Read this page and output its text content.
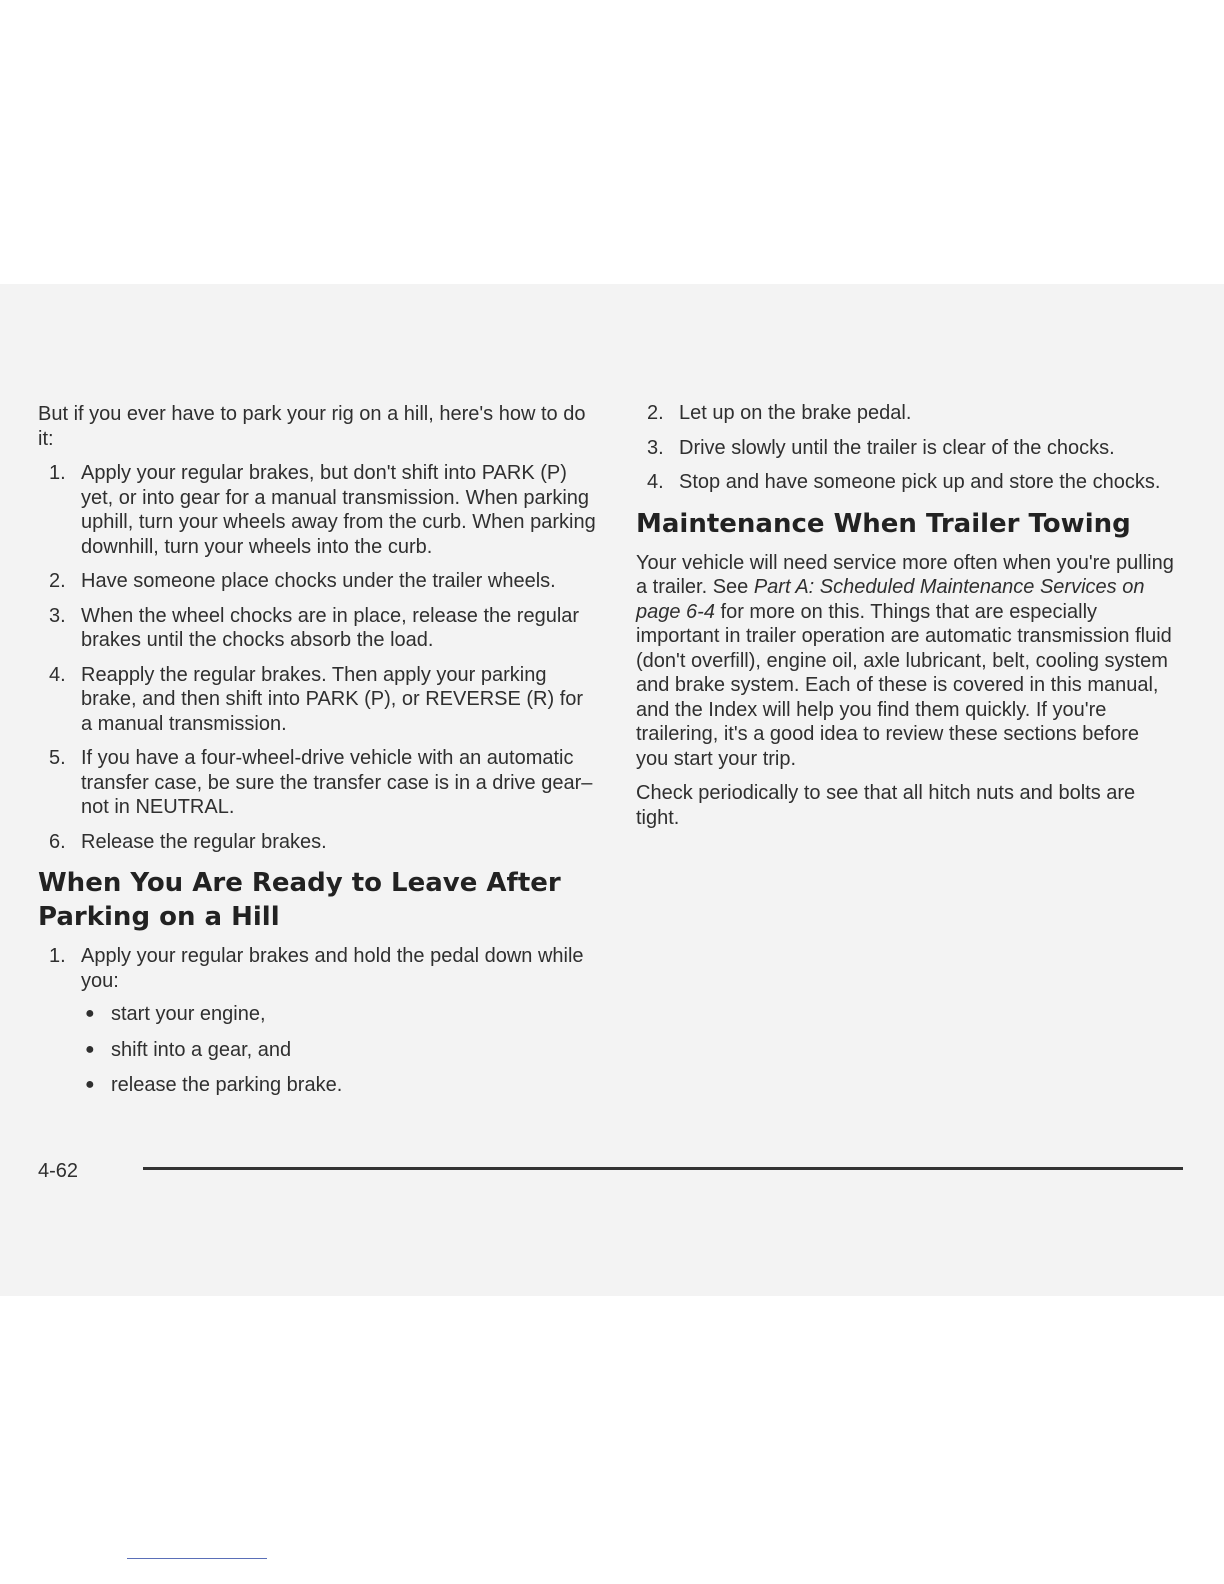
But if you ever have to park your rig on a hill, here's how to do it:

1. Apply your regular brakes, but don't shift into PARK (P) yet, or into gear for a manual transmission. When parking uphill, turn your wheels away from the curb. When parking downhill, turn your wheels into the curb.
2. Have someone place chocks under the trailer wheels.
3. When the wheel chocks are in place, release the regular brakes until the chocks absorb the load.
4. Reapply the regular brakes. Then apply your parking brake, and then shift into PARK (P), or REVERSE (R) for a manual transmission.
5. If you have a four-wheel-drive vehicle with an automatic transfer case, be sure the transfer case is in a drive gear–not in NEUTRAL.
6. Release the regular brakes.
When You Are Ready to Leave After Parking on a Hill
1. Apply your regular brakes and hold the pedal down while you:
● start your engine,
● shift into a gear, and
● release the parking brake.
2. Let up on the brake pedal.
3. Drive slowly until the trailer is clear of the chocks.
4. Stop and have someone pick up and store the chocks.
Maintenance When Trailer Towing

Your vehicle will need service more often when you're pulling a trailer. See Part A: Scheduled Maintenance Services on page 6-4 for more on this. Things that are especially important in trailer operation are automatic transmission fluid (don't overfill), engine oil, axle lubricant, belt, cooling system and brake system. Each of these is covered in this manual, and the Index will help you find them quickly. If you're trailering, it's a good idea to review these sections before you start your trip.

Check periodically to see that all hitch nuts and bolts are tight.

4-62
